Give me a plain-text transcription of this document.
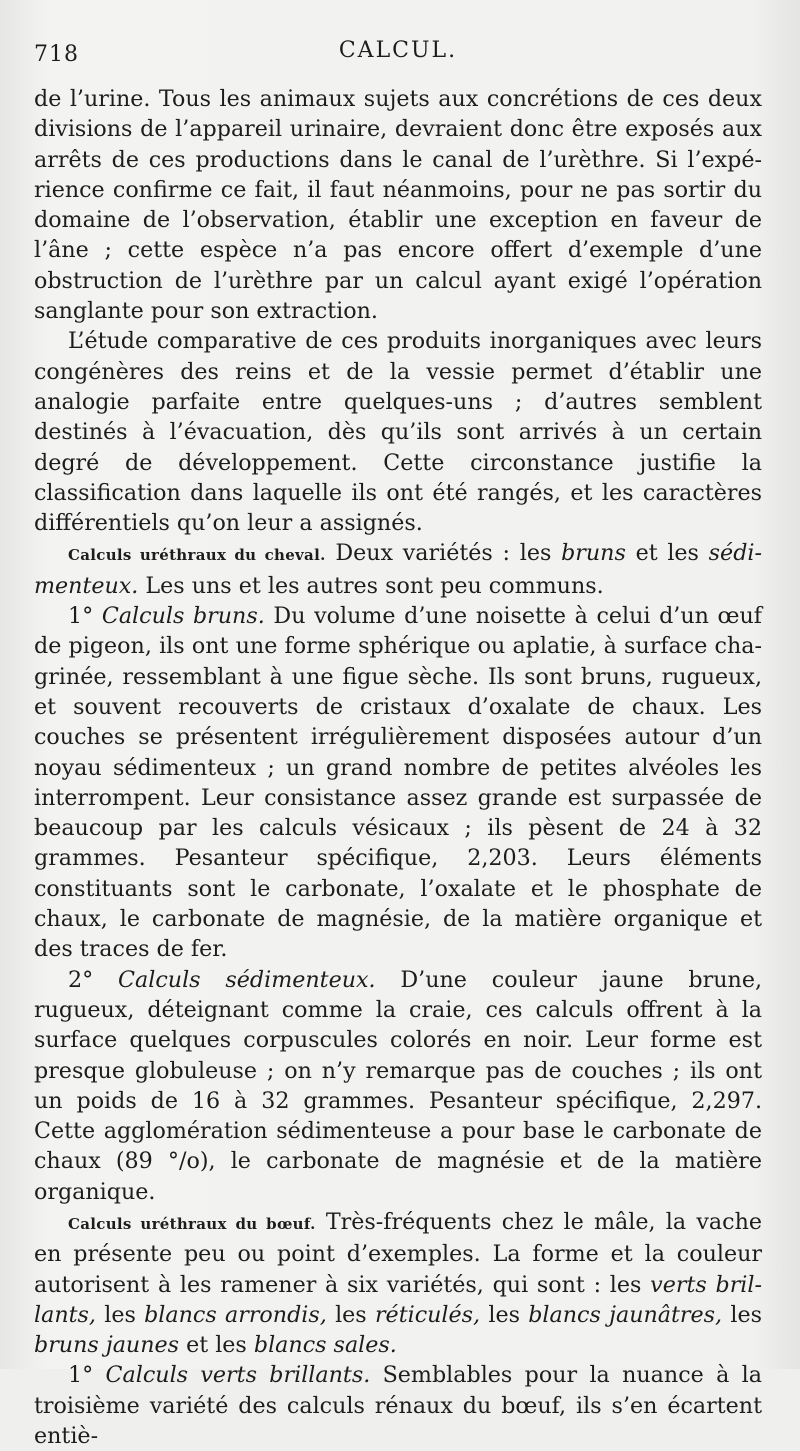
718	CALCUL.

de l’urine. Tous les animaux sujets aux concrétions de ces deux divisions de l’appareil urinaire, devraient donc être exposés aux arrêts de ces productions dans le canal de l’urèthre. Si l’expérience confirme ce fait, il faut néanmoins, pour ne pas sortir du domaine de l’observation, établir une exception en faveur de l’âne ; cette espèce n’a pas encore offert d’exemple d’une obstruction de l’urèthre par un calcul ayant exigé l’opération sanglante pour son extraction.

L’étude comparative de ces produits inorganiques avec leurs congénères des reins et de la vessie permet d’établir une analogie parfaite entre quelques-uns ; d’autres semblent destinés à l’évacuation, dès qu’ils sont arrivés à un certain degré de développement. Cette circonstance justifie la classification dans laquelle ils ont été rangés, et les caractères différentiels qu’on leur a assignés.

Calculs uréthraux du cheval. Deux variétés : les bruns et les sédimenteux. Les uns et les autres sont peu communs.

1° Calculs bruns. Du volume d’une noisette à celui d’un œuf de pigeon, ils ont une forme sphérique ou aplatie, à surface chagrinée, ressemblant à une figue sèche. Ils sont bruns, rugueux, et souvent recouverts de cristaux d’oxalate de chaux. Les couches se présentent irrégulièrement disposées autour d’un noyau sédimenteux ; un grand nombre de petites alvéoles les interrompent. Leur consistance assez grande est surpassée de beaucoup par les calculs vésicaux ; ils pèsent de 24 à 32 grammes. Pesanteur spécifique, 2,203. Leurs éléments constituants sont le carbonate, l’oxalate et le phosphate de chaux, le carbonate de magnésie, de la matière organique et des traces de fer.

2° Calculs sédimenteux. D’une couleur jaune brune, rugueux, déteignant comme la craie, ces calculs offrent à la surface quelques corpuscules colorés en noir. Leur forme est presque globuleuse ; on n’y remarque pas de couches ; ils ont un poids de 16 à 32 grammes. Pesanteur spécifique, 2,297. Cette agglomération sédimenteuse a pour base le carbonate de chaux (89 °/o), le carbonate de magnésie et de la matière organique.

Calculs uréthraux du bœuf. Très-fréquents chez le mâle, la vache en présente peu ou point d’exemples. La forme et la couleur autorisent à les ramener à six variétés, qui sont : les verts brillants, les blancs arrondis, les réticulés, les blancs jaunâtres, les bruns jaunes et les blancs sales.

1° Calculs verts brillants. Semblables pour la nuance à la troisième variété des calculs rénaux du bœuf, ils s’en écartent entiè-
